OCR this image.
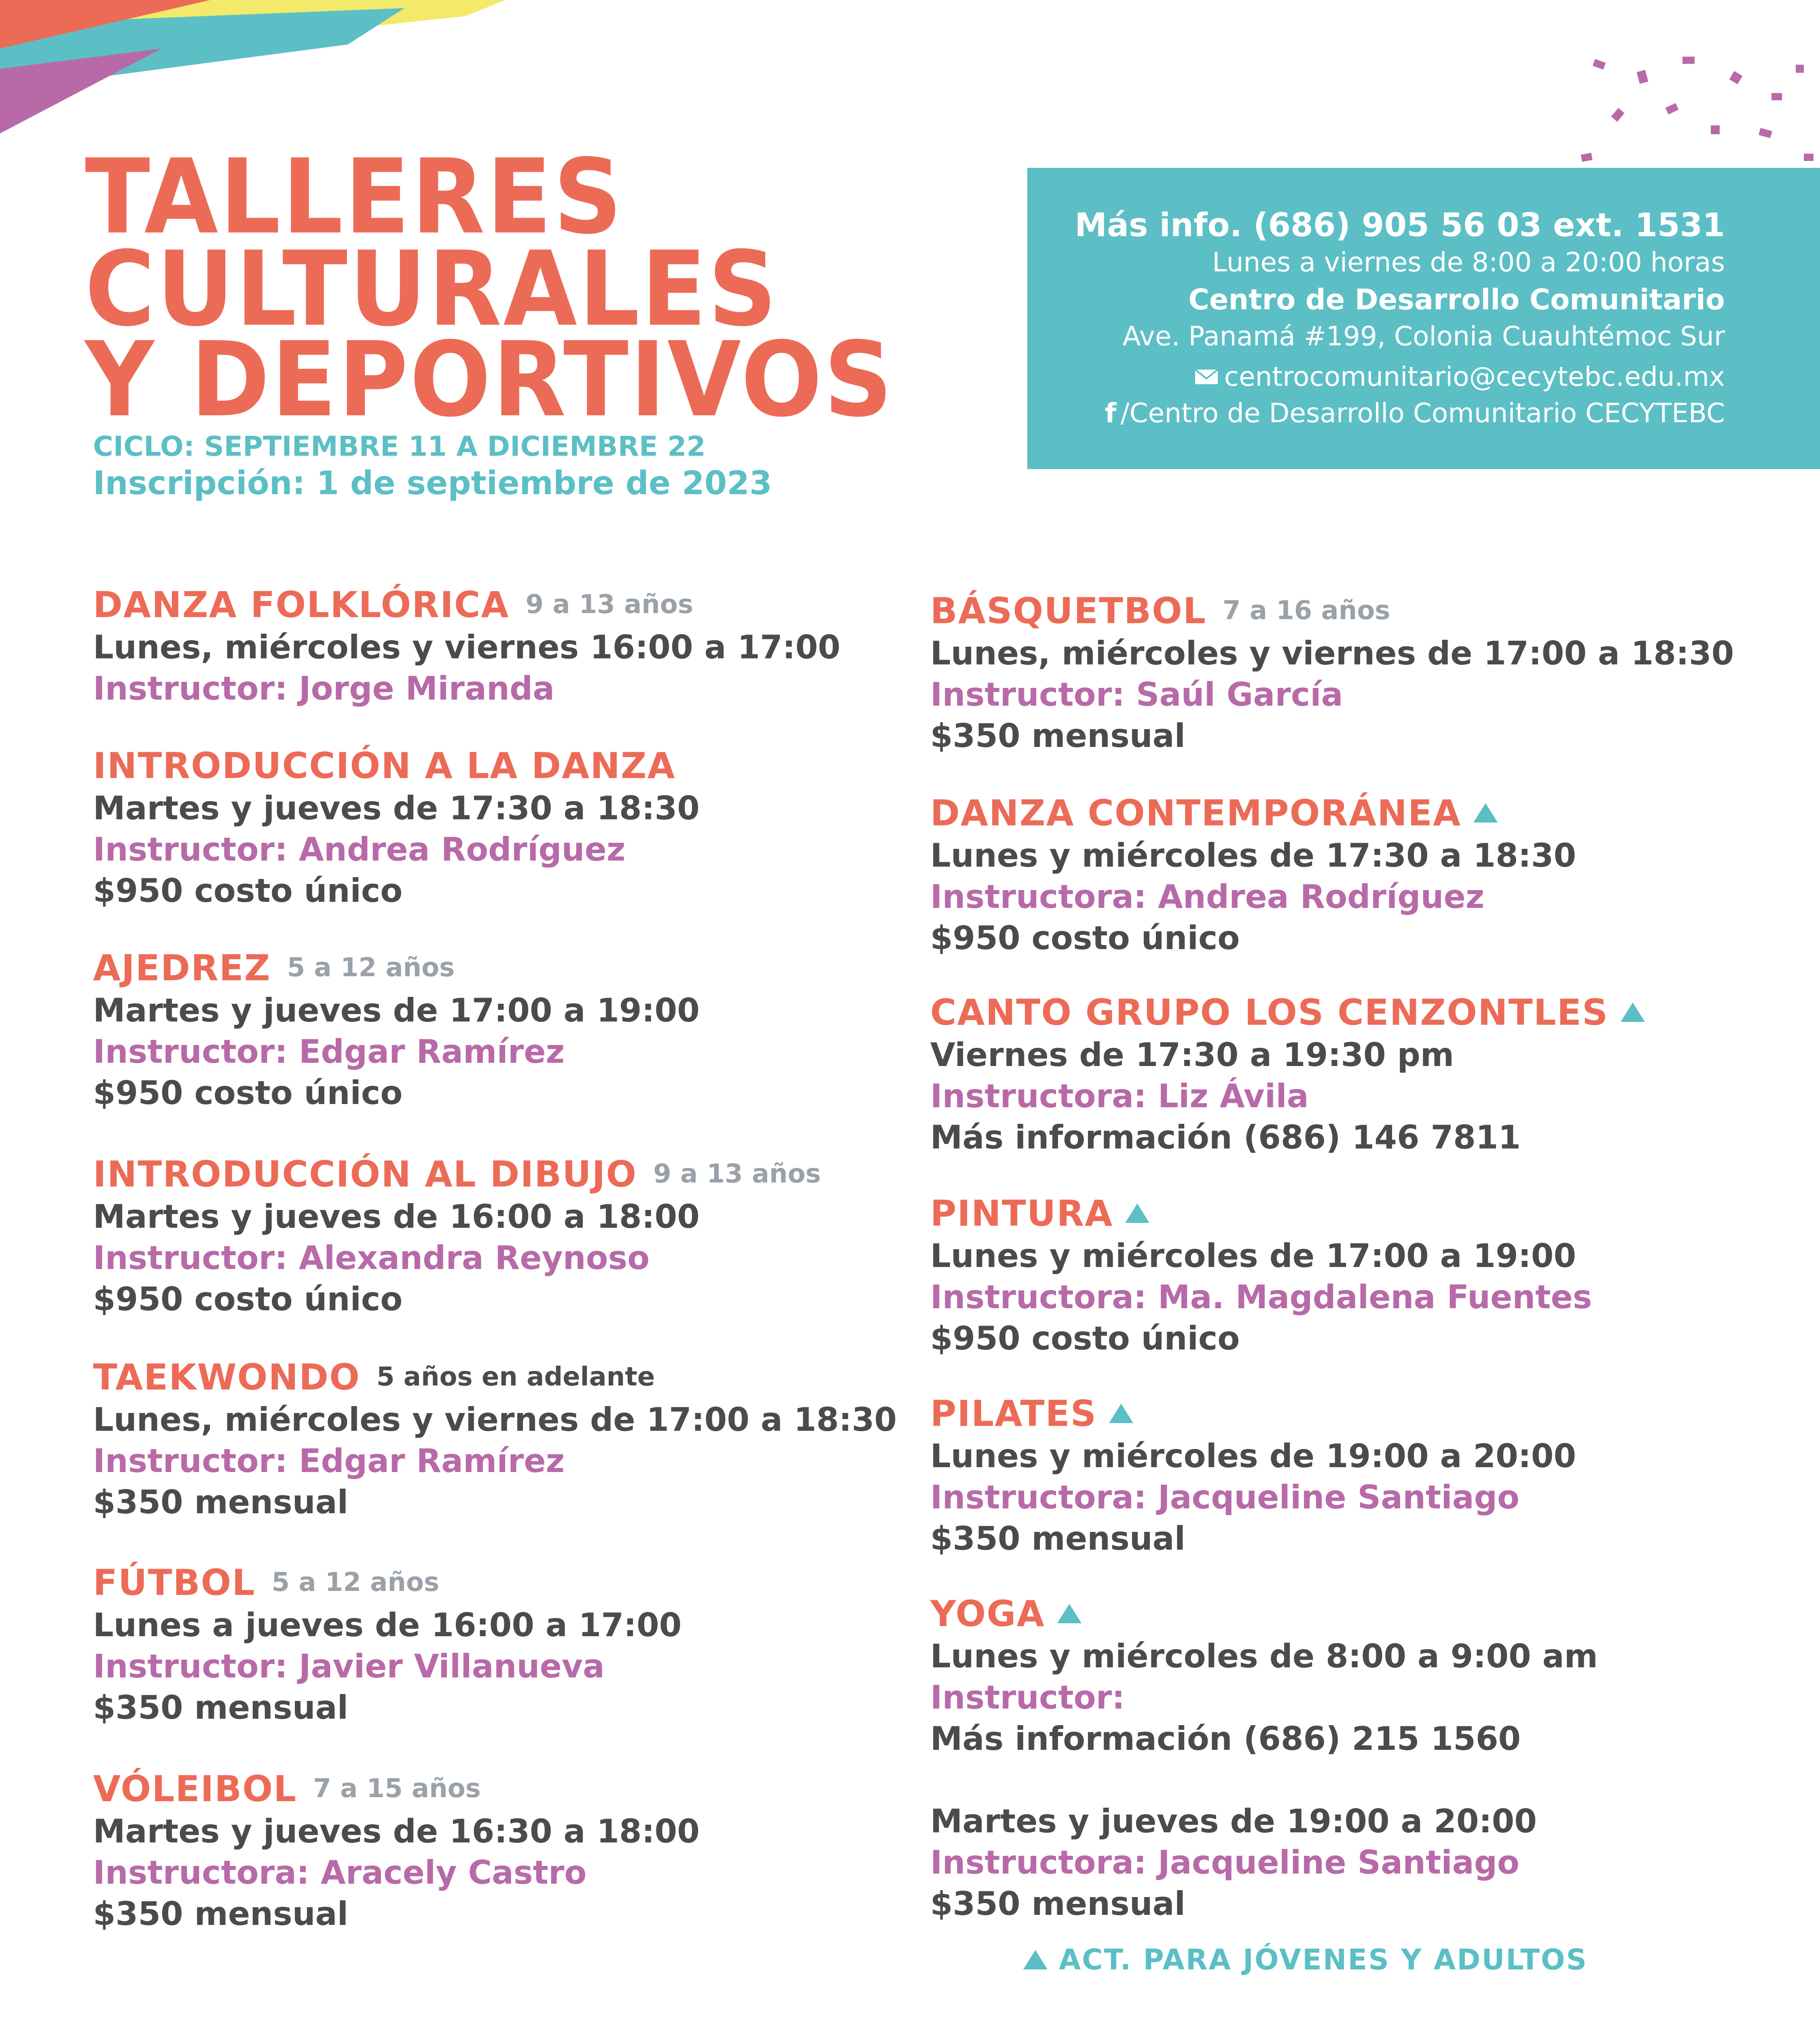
TALLERES
CULTURALES
Y DEPORTIVOS
CICLO: SEPTIEMBRE 11 A DICIEMBRE 22
Inscripción: 1 de septiembre de 2023
Más info. (686) 905 56 03 ext. 1531
Lunes a viernes de 8:00 a 20:00 horas
Centro de Desarrollo Comunitario
Ave. Panamá #199, Colonia Cuauhtémoc Sur
centrocomunitario@cecytebc.edu.mx
f /Centro de Desarrollo Comunitario CECYTEBC
DANZA FOLKLÓRICA 9 a 13 años
Lunes, miércoles y viernes 16:00 a 17:00
Instructor: Jorge Miranda
INTRODUCCIÓN A LA DANZA
Martes y jueves de 17:30 a 18:30
Instructor: Andrea Rodríguez
$950 costo único
AJEDREZ 5 a 12 años
Martes y jueves de 17:00 a 19:00
Instructor: Edgar Ramírez
$950 costo único
INTRODUCCIÓN AL DIBUJO 9 a 13 años
Martes y jueves de 16:00 a 18:00
Instructor: Alexandra Reynoso
$950 costo único
TAEKWONDO 5 años en adelante
Lunes, miércoles y viernes de 17:00 a 18:30
Instructor: Edgar Ramírez
$350 mensual
FÚTBOL 5 a 12 años
Lunes a jueves de 16:00 a 17:00
Instructor: Javier Villanueva
$350 mensual
VÓLEIBOL 7 a 15 años
Martes y jueves de 16:30 a 18:00
Instructora: Aracely Castro
$350 mensual
BÁSQUETBOL 7 a 16 años
Lunes, miércoles y viernes de 17:00 a 18:30
Instructor: Saúl García
$350 mensual
DANZA CONTEMPORÁNEA
Lunes y miércoles de 17:30 a 18:30
Instructora: Andrea Rodríguez
$950 costo único
CANTO GRUPO LOS CENZONTLES
Viernes de 17:30 a 19:30 pm
Instructora: Liz Ávila
Más información (686) 146 7811
PINTURA
Lunes y miércoles de 17:00 a 19:00
Instructora: Ma. Magdalena Fuentes
$950 costo único
PILATES
Lunes y miércoles de 19:00 a 20:00
Instructora: Jacqueline Santiago
$350 mensual
YOGA
Lunes y miércoles de 8:00 a 9:00 am
Instructor:
Más información (686) 215 1560
Martes y jueves de 19:00 a 20:00
Instructora: Jacqueline Santiago
$350 mensual
ACT. PARA JÓVENES Y ADULTOS
